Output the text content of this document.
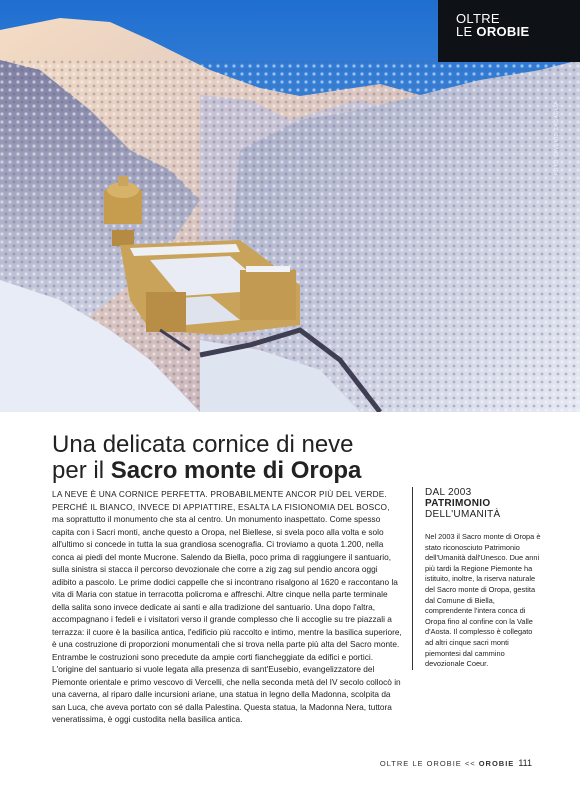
OLTRE
LE OROBIE
FOTO SAVERIO ZAGAGLIA
Una delicata cornice di neve
per il Sacro monte di Oropa

LA NEVE È UNA CORNICE PERFETTA. PROBABILMENTE ANCOR PIÙ DEL VERDE. PERCHÉ IL BIANCO, INVECE DI APPIATTIRE, ESALTA LA FISIONOMIA DEL BOSCO, ma soprattutto il monumento che sta al centro. Un monumento inaspettato. Come spesso capita con i Sacri monti, anche questo a Oropa, nel Biellese, si svela poco alla volta e solo all'ultimo si concede in tutta la sua grandiosa scenografia. Ci troviamo a quota 1.200, nella conca ai piedi del monte Mucrone. Salendo da Biella, poco prima di raggiungere il santuario, sulla sinistra si stacca il percorso devozionale che corre a zig zag sul pendio ancora oggi adibito a pascolo. Le prime dodici cappelle che si incontrano risalgono al 1620 e raccontano la vita di Maria con statue in terracotta policroma e affreschi. Altre cinque nella parte terminale della salita sono invece dedicate ai santi e alla tradizione del santuario. Una dopo l'altra, accompagnano i fedeli e i visitatori verso il grande complesso che li accoglie su tre piazzali a terrazza: il cuore è la basilica antica, l'edificio più raccolto e intimo, mentre la basilica superiore, è una costruzione di proporzioni monumentali che si trova nella parte più alta del Sacro monte. Entrambe le costruzioni sono precedute da ampie corti fiancheggiate da edifici e portici. L'origine del santuario si vuole legata alla presenza di sant'Eusebio, evangelizzatore del Piemonte orientale e primo vescovo di Vercelli, che nella seconda metà del IV secolo collocò in una caverna, al riparo dalle incursioni ariane, una statua in legno della Madonna, scolpita da san Luca, che aveva portato con sé dalla Palestina. Questa statua, la Madonna Nera, tuttora veneratissima, è oggi custodita nella basilica antica.

DAL 2003
PATRIMONIO
DELL'UMANITÀ
Nel 2003 il Sacro monte di Oropa è stato riconosciuto Patrimonio dell'Umanità dall'Unesco. Due anni più tardi la Regione Piemonte ha istituito, inoltre, la riserva naturale del Sacro monte di Oropa, gestita dal Comune di Biella, comprendente l'intera conca di Oropa fino al confine con la Valle d'Aosta. Il complesso è collegato ad altri cinque sacri monti piemontesi dal cammino devozionale Coeur.
OLTRE LE OROBIE << OROBIE 111
